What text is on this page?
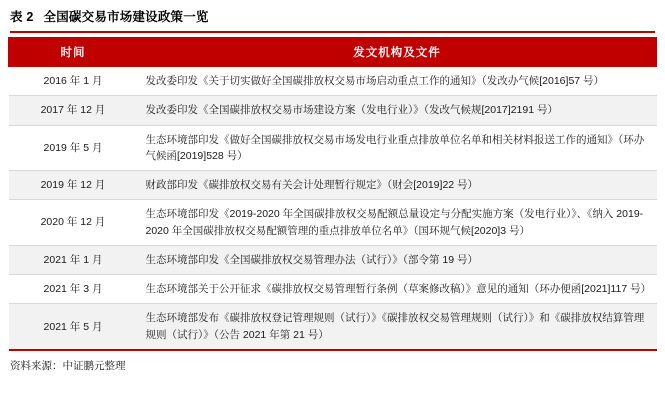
表 2 全国碳交易市场建设政策一览
时间	发文机构及文件
2016 年 1 月	发改委印发《关于切实做好全国碳排放权交易市场启动重点工作的通知》（发改办气候[2016]57 号）
2017 年 12 月	发改委印发《全国碳排放权交易市场建设方案（发电行业）》（发改气候规[2017]2191 号）
2019 年 5 月	生态环境部印发《做好全国碳排放权交易市场发电行业重点排放单位名单和相关材料报送工作的通知》（环办气候函[2019]528 号）
2019 年 12 月	财政部印发《碳排放权交易有关会计处理暂行规定》（财会[2019]22 号）
2020 年 12 月	生态环境部印发《2019-2020 年全国碳排放权交易配额总量设定与分配实施方案（发电行业）》、《纳入 2019-2020 年全国碳排放权交易配额管理的重点排放单位名单》（国环规气候[2020]3 号）
2021 年 1 月	生态环境部印发《全国碳排放权交易管理办法（试行）》（部令第 19 号）
2021 年 3 月	生态环境部关于公开征求《碳排放权交易管理暂行条例（草案修改稿）》意见的通知（环办便函[2021]117 号）
2021 年 5 月	生态环境部发布《碳排放权登记管理规则（试行）》《碳排放权交易管理规则（试行）》和《碳排放权结算管理规则（试行）》（公告 2021 年第 21 号）
资料来源：中证鹏元整理
